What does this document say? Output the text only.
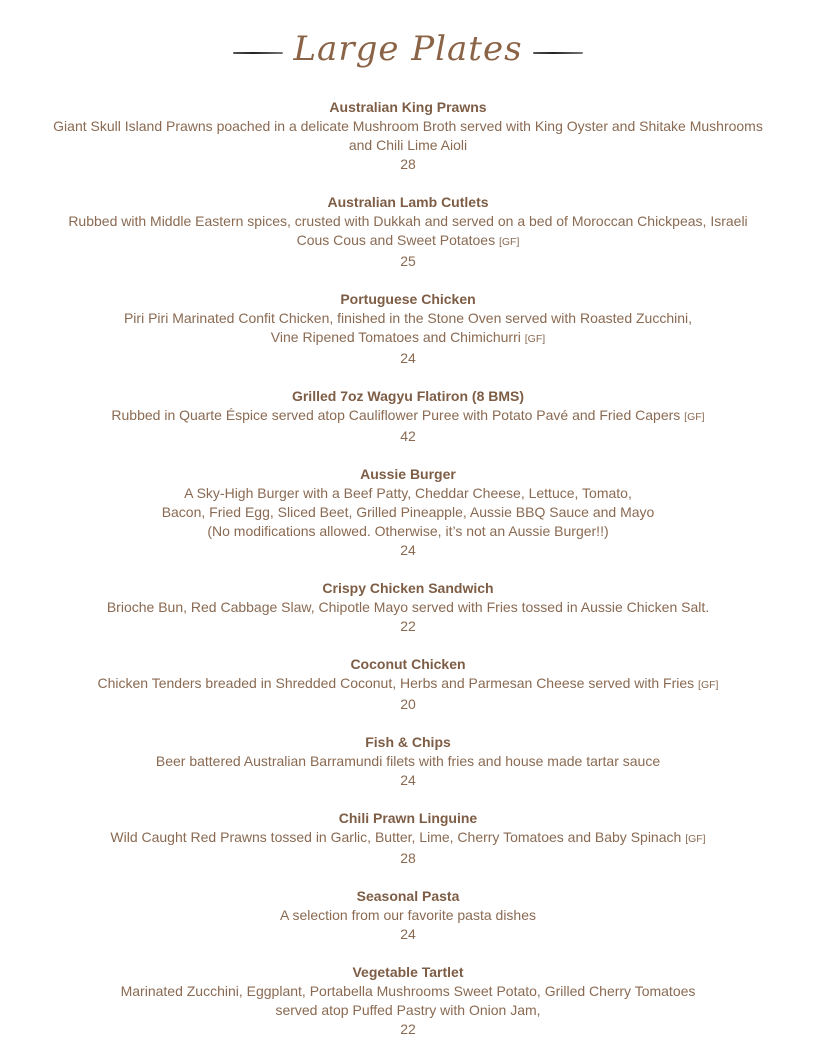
Large Plates
Australian King Prawns
Giant Skull Island Prawns poached in a delicate Mushroom Broth served with King Oyster and Shitake Mushrooms
and Chili Lime Aioli
28
Australian Lamb Cutlets
Rubbed with Middle Eastern spices, crusted with Dukkah and served on a bed of Moroccan Chickpeas, Israeli
Cous Cous and Sweet Potatoes [GF]
25
Portuguese Chicken
Piri Piri Marinated Confit Chicken, finished in the Stone Oven served with Roasted Zucchini,
Vine Ripened Tomatoes and Chimichurri [GF]
24
Grilled 7oz Wagyu Flatiron (8 BMS)
Rubbed in Quarte Éspice served atop Cauliflower Puree with Potato Pavé and Fried Capers [GF]
42
Aussie Burger
A Sky-High Burger with a Beef Patty, Cheddar Cheese, Lettuce, Tomato,
Bacon, Fried Egg, Sliced Beet, Grilled Pineapple, Aussie BBQ Sauce and Mayo
(No modifications allowed. Otherwise, it’s not an Aussie Burger!!)
24
Crispy Chicken Sandwich
Brioche Bun, Red Cabbage Slaw, Chipotle Mayo served with Fries tossed in Aussie Chicken Salt.
22
Coconut Chicken
Chicken Tenders breaded in Shredded Coconut, Herbs and Parmesan Cheese served with Fries [GF]
20
Fish & Chips
Beer battered Australian Barramundi filets with fries and house made tartar sauce
24
Chili Prawn Linguine
Wild Caught Red Prawns tossed in Garlic, Butter, Lime, Cherry Tomatoes and Baby Spinach [GF]
28
Seasonal Pasta
A selection from our favorite pasta dishes
24
Vegetable Tartlet
Marinated Zucchini, Eggplant, Portabella Mushrooms Sweet Potato, Grilled Cherry Tomatoes
served atop Puffed Pastry with Onion Jam,
22
